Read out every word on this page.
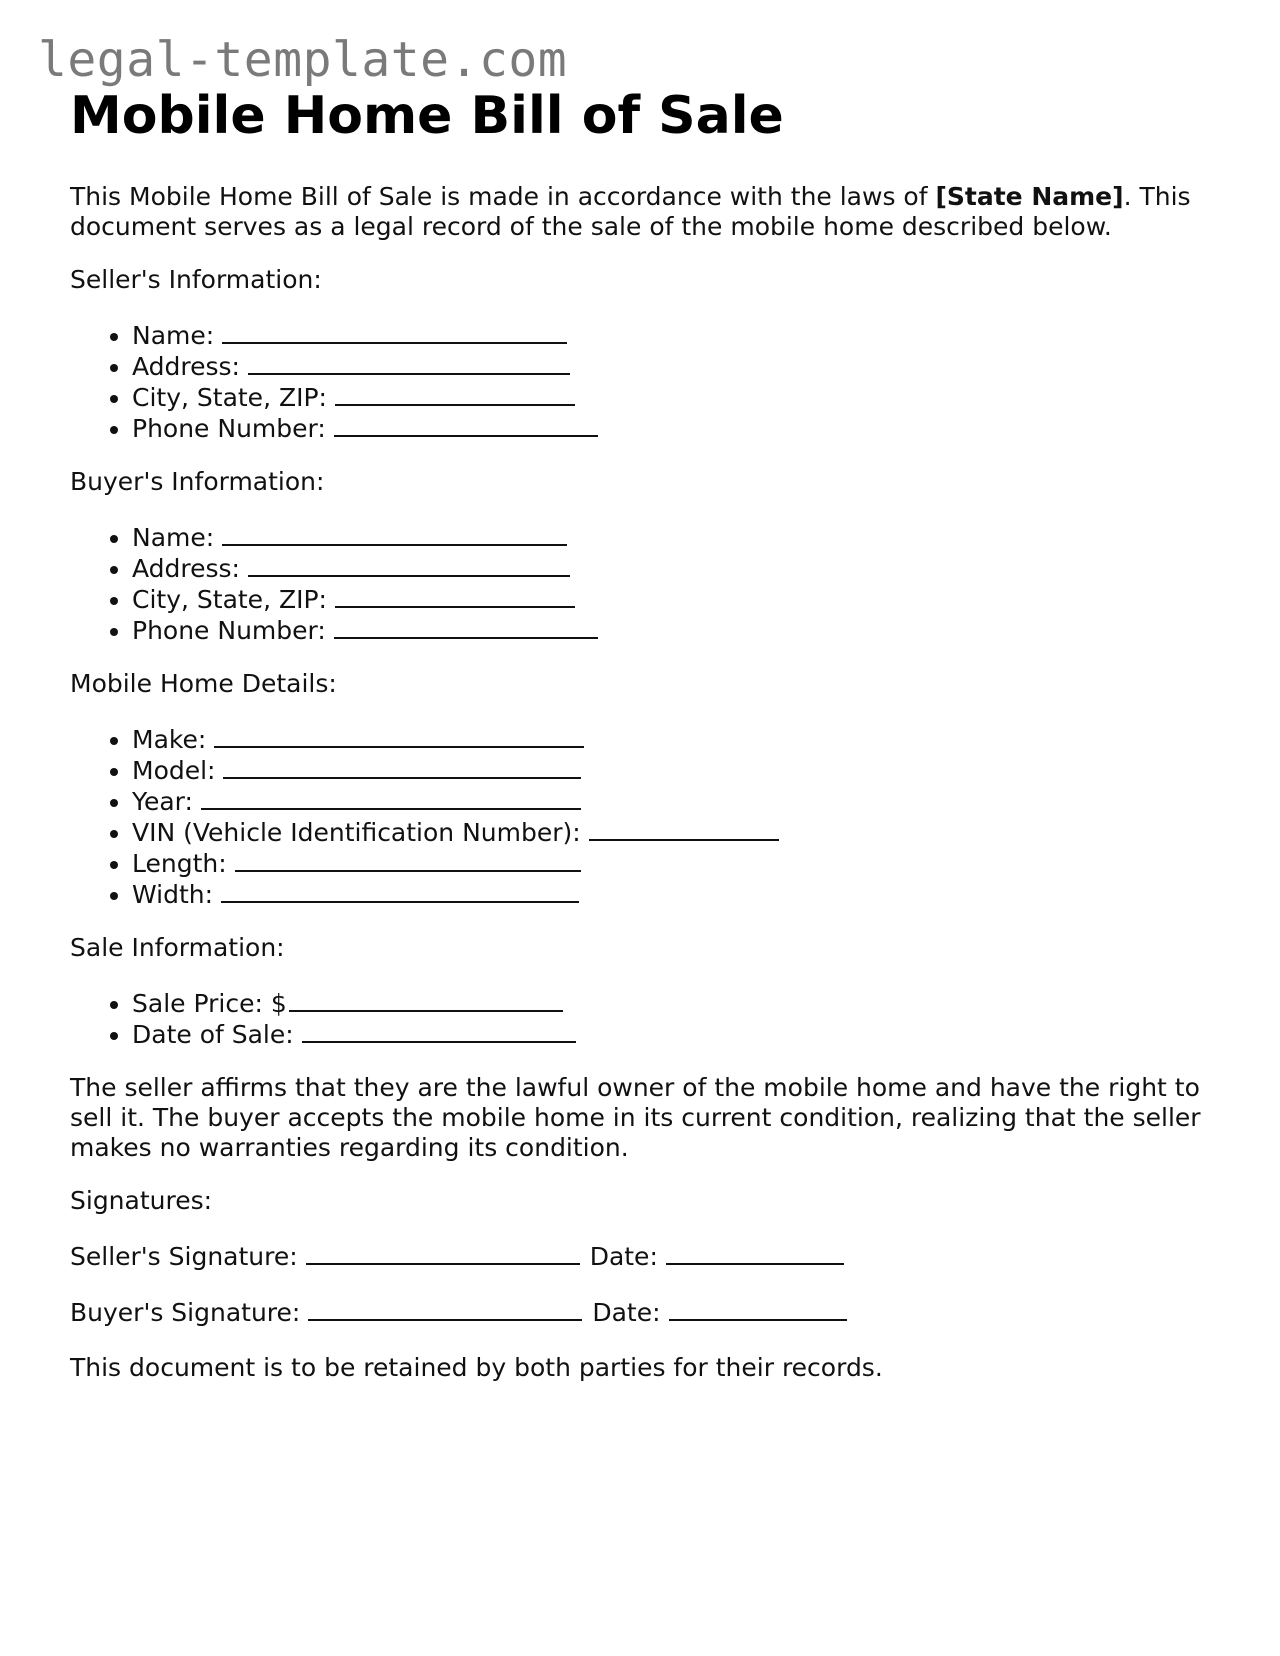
legal-template.com
Mobile Home Bill of Sale

This Mobile Home Bill of Sale is made in accordance with the laws of [State Name]. This document serves as a legal record of the sale of the mobile home described below.

Seller's Information:

• Name:
• Address:
• City, State, ZIP:
• Phone Number:

Buyer's Information:

• Name:
• Address:
• City, State, ZIP:
• Phone Number:

Mobile Home Details:

• Make:
• Model:
• Year:
• VIN (Vehicle Identification Number):
• Length:
• Width:

Sale Information:

• Sale Price: $
• Date of Sale:

The seller affirms that they are the lawful owner of the mobile home and have the right to sell it. The buyer accepts the mobile home in its current condition, realizing that the seller makes no warranties regarding its condition.

Signatures:

Seller's Signature:	Date:

Buyer's Signature:	Date:

This document is to be retained by both parties for their records.
